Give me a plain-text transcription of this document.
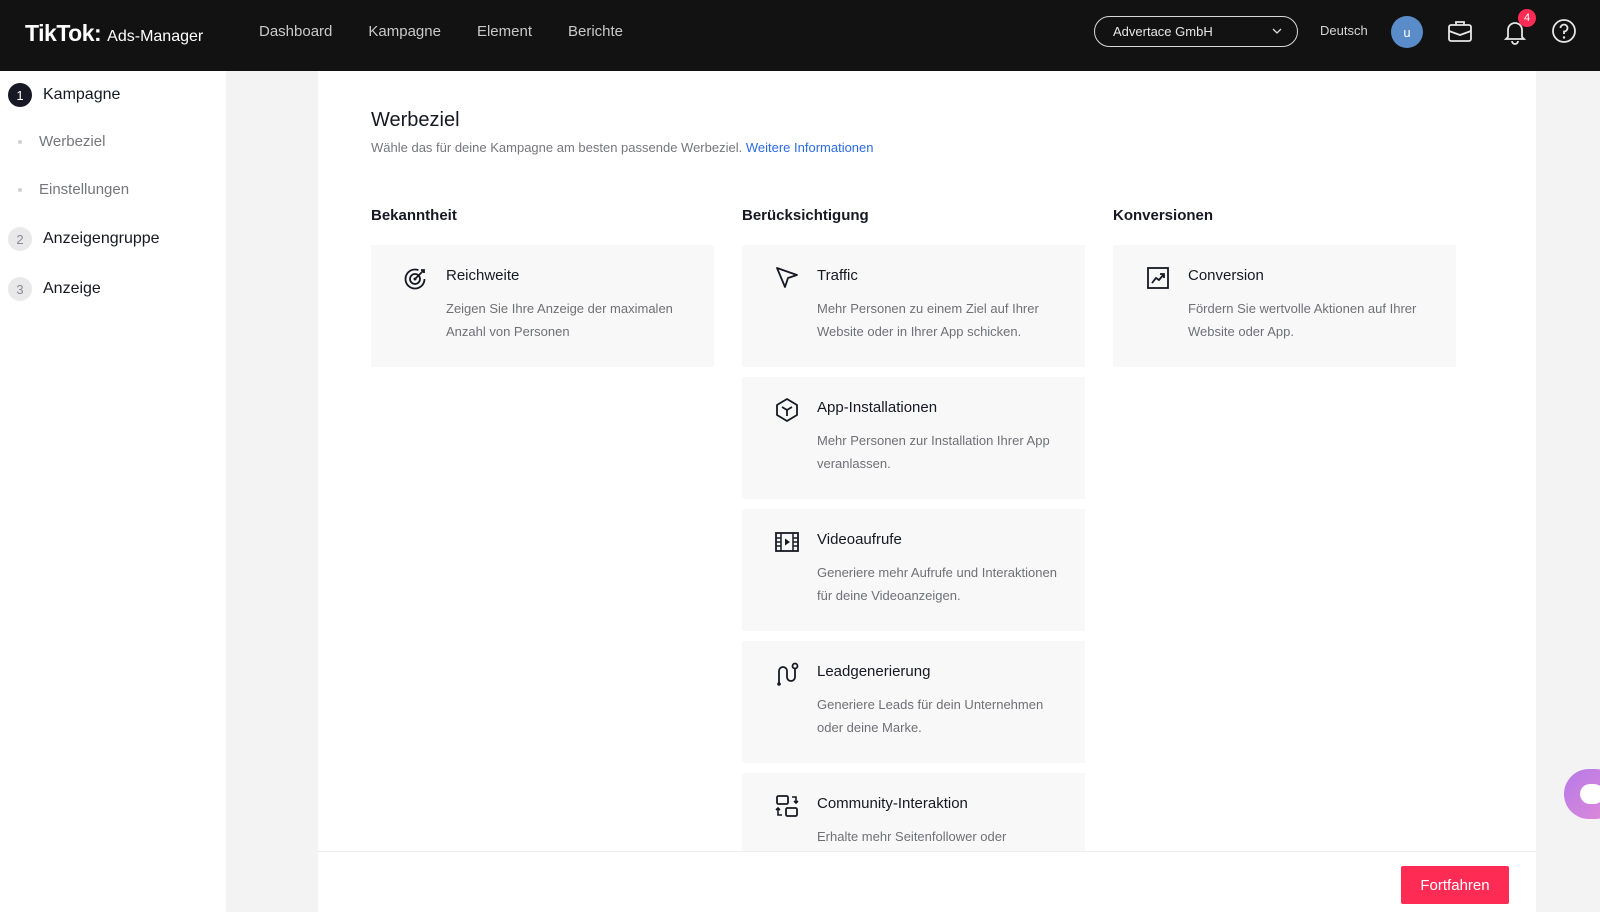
TikTok: Ads-Manager	Dashboard Kampagne Element Berichte	Advertace GmbH	Deutsch	u
4
1	Kampagne
Werbeziel
Einstellungen
2	Anzeigengruppe
3	Anzeige
Werbeziel
Wähle das für deine Kampagne am besten passende Werbeziel. Weitere Informationen
Bekanntheit
Reichweite
Zeigen Sie Ihre Anzeige der maximalen Anzahl von Personen
Berücksichtigung
Traffic
Mehr Personen zu einem Ziel auf Ihrer Website oder in Ihrer App schicken.
App-Installationen
Mehr Personen zur Installation Ihrer App veranlassen.
Videoaufrufe
Generiere mehr Aufrufe und Interaktionen für deine Videoanzeigen.
Leadgenerierung
Generiere Leads für dein Unternehmen oder deine Marke.
Community-Interaktion
Erhalte mehr Seitenfollower oder
Konversionen
Conversion
Fördern Sie wertvolle Aktionen auf Ihrer Website oder App.
Fortfahren
